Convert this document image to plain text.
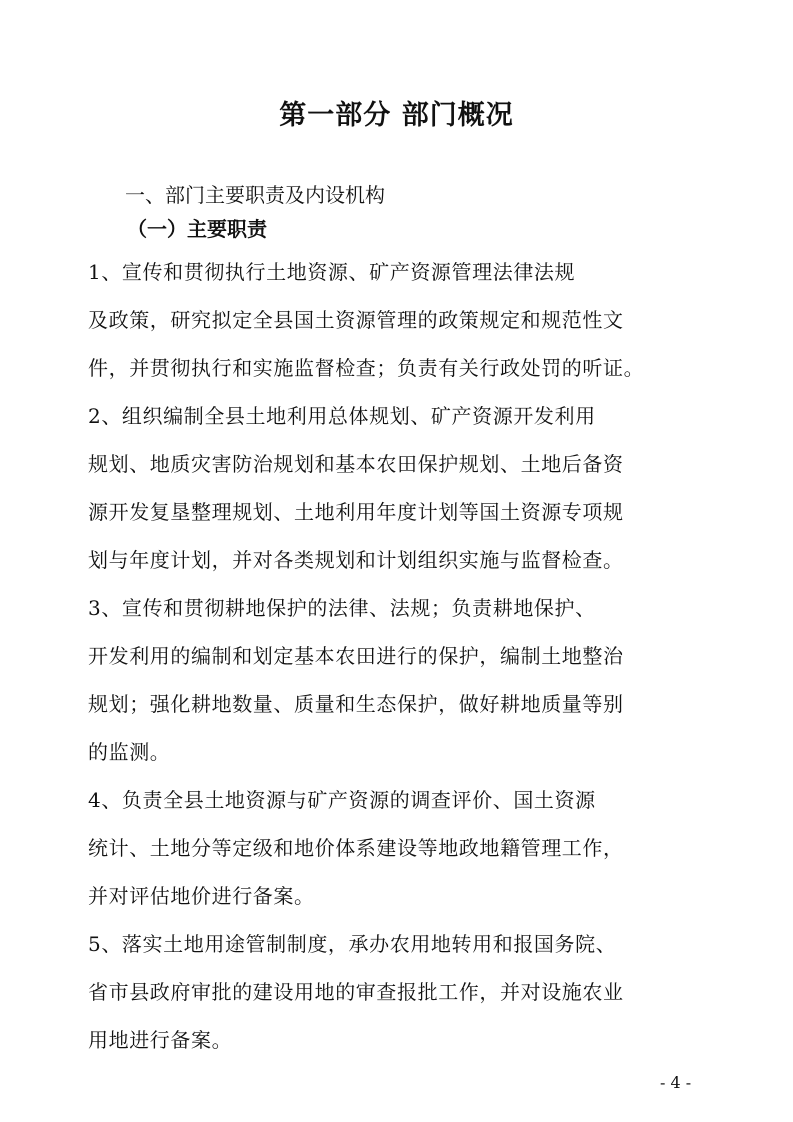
第一部分 部门概况
一、部门主要职责及内设机构
（一）主要职责
1、宣传和贯彻执行土地资源、矿产资源管理法律法规
及政策，研究拟定全县国土资源管理的政策规定和规范性文
件，并贯彻执行和实施监督检查；负责有关行政处罚的听证。
2、组织编制全县土地利用总体规划、矿产资源开发利用
规划、地质灾害防治规划和基本农田保护规划、土地后备资
源开发复垦整理规划、土地利用年度计划等国土资源专项规
划与年度计划，并对各类规划和计划组织实施与监督检查。
3、宣传和贯彻耕地保护的法律、法规；负责耕地保护、
开发利用的编制和划定基本农田进行的保护，编制土地整治
规划；强化耕地数量、质量和生态保护，做好耕地质量等别
的监测。
4、负责全县土地资源与矿产资源的调查评价、国土资源
统计、土地分等定级和地价体系建设等地政地籍管理工作，
并对评估地价进行备案。
5、落实土地用途管制制度，承办农用地转用和报国务院、
省市县政府审批的建设用地的审查报批工作，并对设施农业
用地进行备案。
- 4 -
